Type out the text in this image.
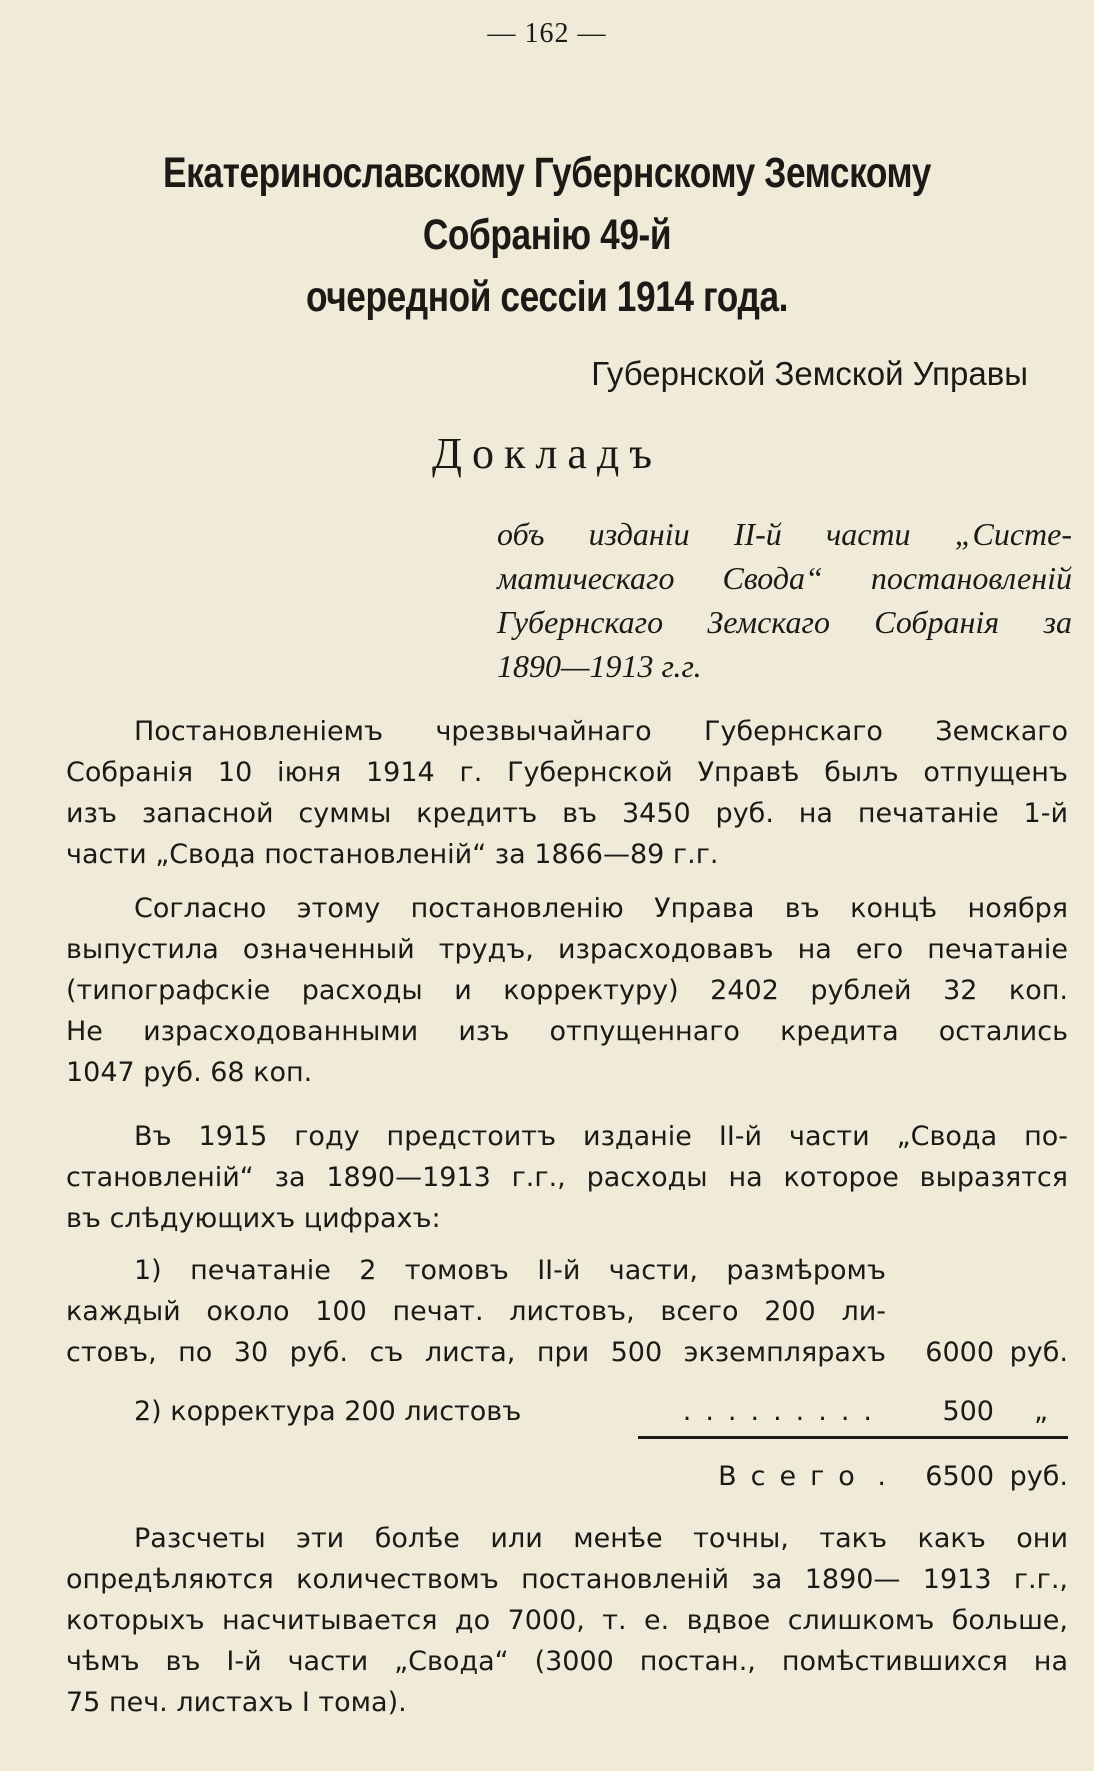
— 162 —
Екатеринославскому Губернскому Земскому Собранію 49-й
очередной сессіи 1914 года.
Губернской Земской Управы
Докладъ
объ изданіи II-й части „Систе-
матическаго Свода“ постановленій
Губернскаго Земскаго Собранія за
1890—1913 г.г.

Постановленіемъ чрезвычайнаго Губернскаго Земскаго

Собранія 10 іюня 1914 г. Губернской Управѣ былъ отпущенъ

изъ запасной суммы кредитъ въ 3450 руб. на печатаніе 1-й

части „Свода постановленій“ за 1866—89 г.г.

Согласно этому постановленію Управа въ концѣ ноября

выпустила означенный трудъ, израсходовавъ на его печатаніе

(типографскіе расходы и корректуру) 2402 рублей 32 коп.

Не израсходованными изъ отпущеннаго кредита остались

1047 руб. 68 коп.

Въ 1915 году предстоитъ изданіе II-й части „Свода по-

становленій“ за 1890—1913 г.г., расходы на которое выразятся

въ слѣдующихъ цифрахъ:

1) печатаніе 2 томовъ II-й части, размѣромъ
каждый около 100 печат. листовъ, всего 200 ли-
стовъ, по 30 руб. съ листа, при 500 экземплярахъ	6000 руб.
2) корректура 200 листовъ	.........	500	„
Всего .	6500 руб.

Разсчеты эти болѣе или менѣе точны, такъ какъ они

опредѣляются количествомъ постановленій за 1890— 1913 г.г.,

которыхъ насчитывается до 7000, т. е. вдвое слишкомъ больше,

чѣмъ въ I-й части „Свода“ (3000 постан., помѣстившихся на

75 печ. листахъ I тома).
